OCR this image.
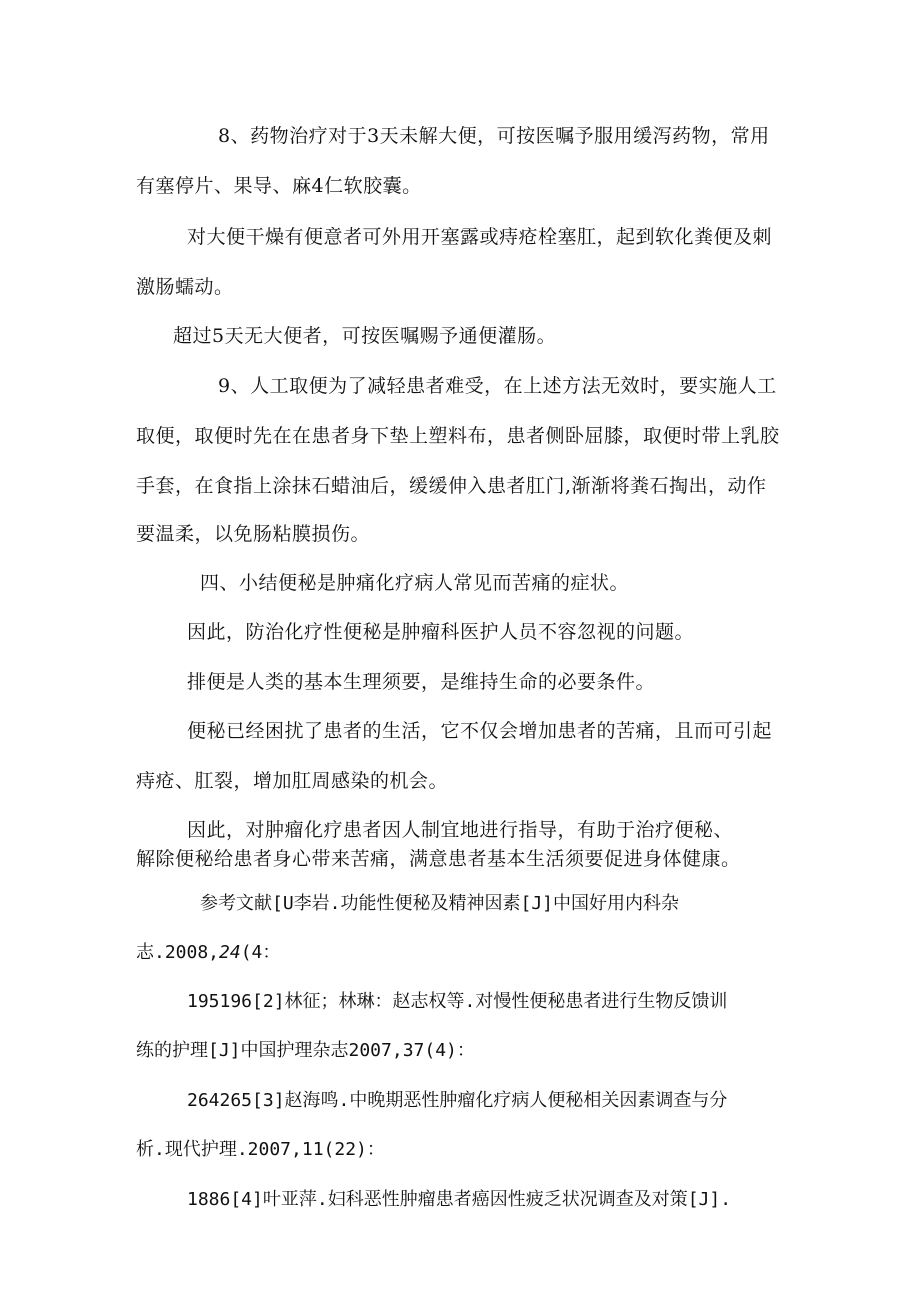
8、药物治疗对于3天未解大便，可按医嘱予服用缓泻药物，常用
有塞停片、果导、麻4仁软胶囊。
对大便干燥有便意者可外用开塞露或痔疮栓塞肛，起到软化粪便及刺
激肠蠕动。
超过5天无大便者，可按医嘱赐予通便灌肠。
9、人工取便为了减轻患者难受，在上述方法无效时，要实施人工
取便，取便时先在在患者身下垫上塑料布，患者侧卧屈膝，取便时带上乳胶
手套，在食指上涂抹石蜡油后，缓缓伸入患者肛门,渐渐将粪石掏出，动作
要温柔，以免肠粘膜损伤。
四、小结便秘是肿痛化疗病人常见而苦痛的症状。
因此，防治化疗性便秘是肿瘤科医护人员不容忽视的问题。
排便是人类的基本生理须要，是维持生命的必要条件。
便秘已经困扰了患者的生活，它不仅会增加患者的苦痛，且而可引起
痔疮、肛裂，增加肛周感染的机会。
因此，对肿瘤化疗患者因人制宜地进行指导，有助于治疗便秘、
解除便秘给患者身心带来苦痛，满意患者基本生活须要促进身体健康。
参考文献[U李岩.功能性便秘及精神因素[J]中国好用内科杂
志.2008,24(4：
195196[2]林征；林琳：赵志权等.对慢性便秘患者进行生物反馈训
练的护理[J]中国护理杂志2007,37(4)：
264265[3]赵海鸣.中晚期恶性肿瘤化疗病人便秘相关因素调查与分
析.现代护理.2007,11(22)：
1886[4]叶亚萍.妇科恶性肿瘤患者癌因性疲乏状况调查及对策[J].
